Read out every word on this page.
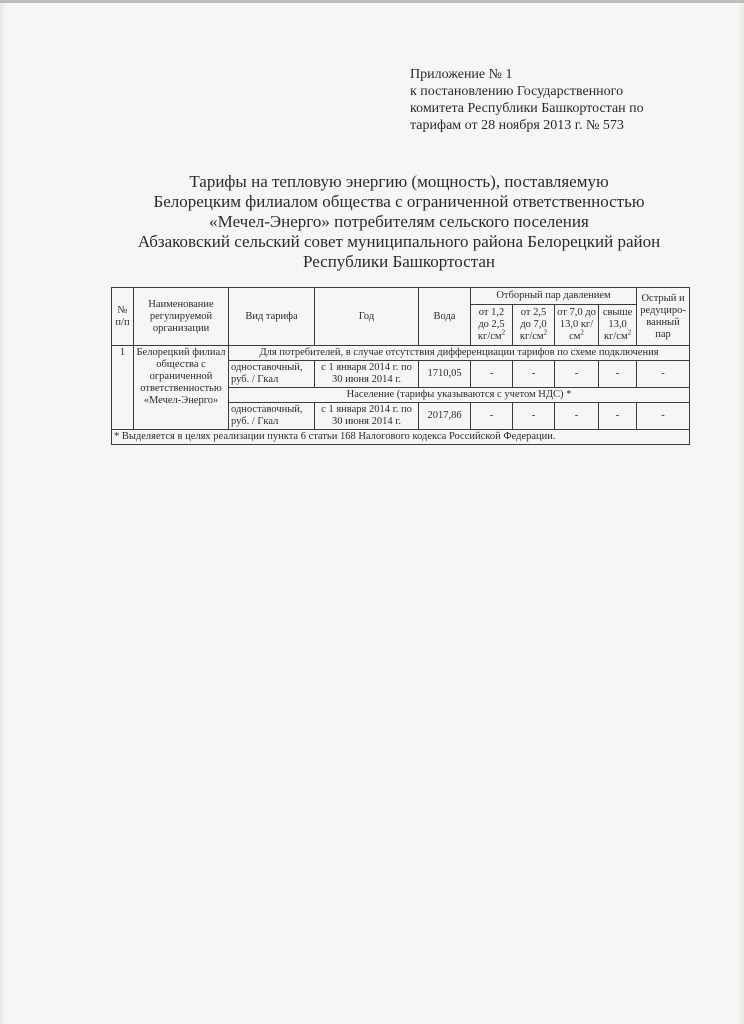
Приложение № 1
к постановлению Государственного
комитета Республики Башкортостан по
тарифам от 28 ноября 2013 г. № 573
Тарифы на тепловую энергию (мощность), поставляемую
Белорецким филиалом общества с ограниченной ответственностью
«Мечел-Энерго» потребителям сельского поселения
Абзаковский сельский совет муниципального района Белорецкий район
Республики Башкортостан
№ п/п	Наименование регулируемой организации	Вид тарифа	Год	Вода	Отборный пар давлением				Острый и редуциро-ванный пар
					от 1,2 до 2,5 $кг/см^2$	от 2,5 до 7,0 $кг/см^2$	от 7,0 до 13,0 $кг/см^2$	свыше 13,0 $кг/см^2$
1	Белорецкий филиал общества с ограниченной ответственностью «Мечел-Энерго»	Для потребителей, в случае отсутствия дифференциации тарифов по схеме подключения							
		одноставочный, руб. / Гкал	с 1 января 2014 г. по 30 июня 2014 г.	1710,05	-	-	-	-	-
		Население (тарифы указываются с учетом НДС) *							
		одноставочный, руб. / Гкал	с 1 января 2014 г. по 30 июня 2014 г.	2017,86	-	-	-	-	-
* Выделяется в целях реализации пункта 6 статьи 168 Налогового кодекса Российской Федерации.									
